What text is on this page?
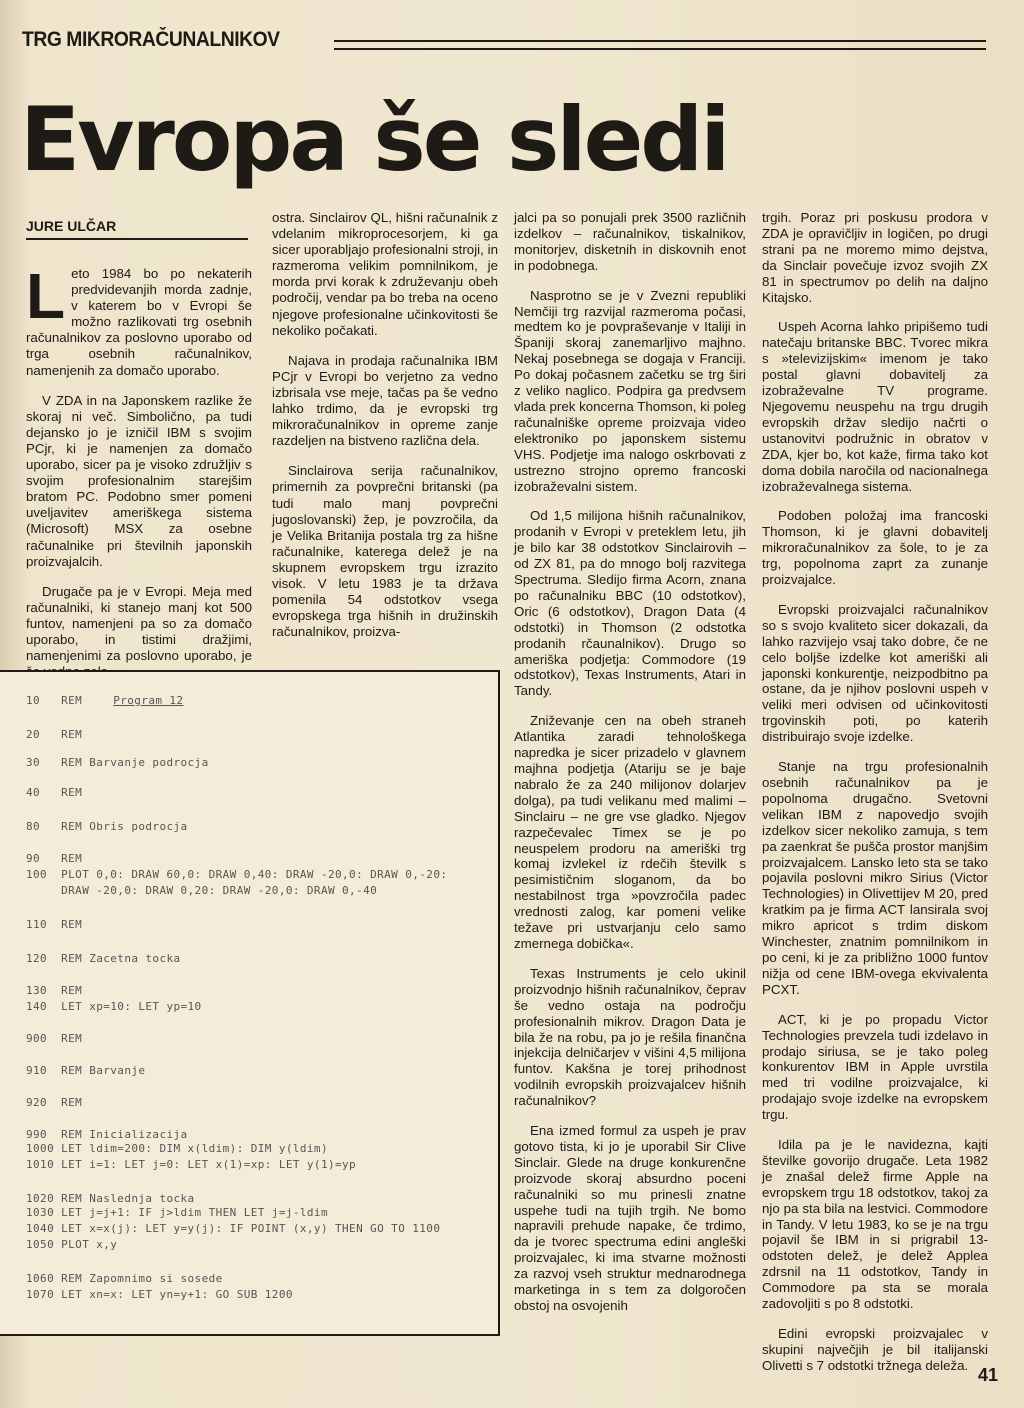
TRG MIKRORAČUNALNIKOV
Evropa še sledi
JURE ULČAR

Leto 1984 bo po nekaterih predvidevanjih morda zadnje, v katerem bo v Evropi še možno razlikovati trg osebnih računalnikov za poslovno uporabo od trga osebnih računalnikov, namenjenih za domačo uporabo.

V ZDA in na Japonskem razlike že skoraj ni več. Simbolično, pa tudi dejansko jo je izničil IBM s svojim PCjr, ki je namenjen za domačo uporabo, sicer pa je visoko združljiv s svojim profesionalnim starejšim bratom PC. Podobno smer pomeni uveljavitev ameriškega sistema (Microsoft) MSX za osebne računalnike pri številnih japonskih proizvajalcih.

Drugače pa je v Evropi. Meja med računalniki, ki stanejo manj kot 500 funtov, namenjeni pa so za domačo uporabo, in tistimi dražjimi, namenjenimi za poslovno uporabo, je

ostra. Sinclairov QL, hišni računalnik z vdelanim mikroprocesorjem, ki ga sicer uporabljajo profesionalni stroji, in razmeroma velikim pomnilnikom, je morda prvi korak k združevanju obeh področij, vendar pa bo treba na oceno njegove profesionalne učinkovitosti še nekoliko počakati.

Najava in prodaja računalnika IBM PCjr v Evropi bo verjetno za vedno izbrisala vse meje, tačas pa še vedno lahko trdimo, da je evropski trg mikroračunalnikov in opreme zanje razdeljen na bistveno različna dela.

Sinclairova serija računalnikov, primernih za povprečni britanski (pa tudi malo manj povprečni jugoslovanski) žep, je povzročila, da je Velika Britanija postala trg za hišne računalnike, katerega delež je na skupnem evropskem trgu izrazito visok. V letu 1983 je ta država pomenila 54 odstotkov vsega evropskega trga hišnih in družinskih računalnikov, proizva-

jalci pa so ponujali prek 3500 različnih izdelkov – računalnikov, tiskalnikov, monitorjev, disketnih in diskovnih enot in podobnega.

Nasprotno se je v Zvezni republiki Nemčiji trg razvijal razmeroma počasi, medtem ko je povpraševanje v Italiji in Španiji skoraj zanemarljivo majhno. Nekaj posebnega se dogaja v Franciji. Po dokaj počasnem začetku se trg širi z veliko naglico. Podpira ga predvsem vlada prek koncerna Thomson, ki poleg računalniške opreme proizvaja video elektroniko po japonskem sistemu VHS. Podjetje ima nalogo oskrbovati z ustrezno strojno opremo francoski izobraževalni sistem.

Od 1,5 milijona hišnih računalnikov, prodanih v Evropi v preteklem letu, jih je bilo kar 38 odstotkov Sinclairovih – od ZX 81, pa do mnogo bolj razvitega Spectruma. Sledijo firma Acorn, znana po računalniku BBC (10 odstotkov), Oric (6 odstotkov), Dragon Data (4 odstotki) in Thomson (2 odstotka prodanih rčaunalnikov). Drugo so ameriška podjetja: Commodore (19 odstotkov), Texas Instruments, Atari in Tandy.

Zniževanje cen na obeh straneh Atlantika zaradi tehnološkega napredka je sicer prizadelo v glavnem majhna podjetja (Atariju se je baje nabralo že za 240 milijonov dolarjev dolga), pa tudi velikanu med malimi – Sinclairu – ne gre vse gladko. Njegov razpečevalec Timex se je po neuspelem prodoru na ameriški trg komaj izvlekel iz rdečih številk s pesimističnim sloganom, da bo nestabilnost trga »povzročila padec vrednosti zalog, kar pomeni velike težave pri ustvarjanju celo samo zmernega dobička«.

Texas Instruments je celo ukinil proizvodnjo hišnih računalnikov, čeprav še vedno ostaja na področju profesionalnih mikrov. Dragon Data je bila že na robu, pa jo je rešila finančna injekcija delničarjev v višini 4,5 milijona funtov. Kakšna je torej prihodnost vodilnih evropskih proizvajalcev hišnih računalnikov?

Ena izmed formul za uspeh je prav gotovo tista, ki jo je uporabil Sir Clive Sinclair. Glede na druge konkurenčne proizvode skoraj absurdno poceni računalniki so mu prinesli znatne uspehe tudi na tujih trgih. Ne bomo napravili prehude napake, če trdimo, da je tvorec spectruma edini angleški proizvajalec, ki ima stvarne možnosti za razvoj vseh struktur mednarodnega marketinga in s tem za dolgoročen obstoj na osvojenih

trgih. Poraz pri poskusu prodora v ZDA je opravičljiv in logičen, po drugi strani pa ne moremo mimo dejstva, da Sinclair povečuje izvoz svojih ZX 81 in spectrumov po delih na daljno Kitajsko.

Uspeh Acorna lahko pripišemo tudi natečaju britanske BBC. Tvorec mikra s »televizijskim« imenom je tako postal glavni dobavitelj za izobraževalne TV programe. Njegovemu neuspehu na trgu drugih evropskih držav sledijo načrti o ustanovitvi podružnic in obratov v ZDA, kjer bo, kot kaže, firma tako kot doma dobila naročila od nacionalnega izobraževalnega sistema.

Podoben položaj ima francoski Thomson, ki je glavni dobavitelj mikroračunalnikov za šole, to je za trg, popolnoma zaprt za zunanje proizvajalce.

Evropski proizvajalci računalnikov so s svojo kvaliteto sicer dokazali, da lahko razvijejo vsaj tako dobre, če ne celo boljše izdelke kot ameriški ali japonski konkurentje, neizpodbitno pa ostane, da je njihov poslovni uspeh v veliki meri odvisen od učinkovitosti trgovinskih poti, po katerih distribuirajo svoje izdelke.

Stanje na trgu profesionalnih osebnih računalnikov pa je popolnoma drugačno. Svetovni velikan IBM z napovedjo svojih izdelkov sicer nekoliko zamuja, s tem pa zaenkrat še pušča prostor manjšim proizvajalcem. Lansko leto sta se tako pojavila poslovni mikro Sirius (Victor Technologies) in Olivettijev M 20, pred kratkim pa je firma ACT lansirala svoj mikro apricot s trdim diskom Winchester, znatnim pomnilnikom in po ceni, ki je za približno 1000 funtov nižja od cene IBM-ovega ekvivalenta PCXT.

ACT, ki je po propadu Victor Technologies prevzela tudi izdelavo in prodajo siriusa, se je tako poleg konkurentov IBM in Apple uvrstila med tri vodilne proizvajalce, ki prodajajo svoje izdelke na evropskem trgu.

Idila pa je le navidezna, kajti številke govorijo drugače. Leta 1982 je znašal delež firme Apple na evropskem trgu 18 odstotkov, takoj za njo pa sta bila na lestvici. Commodore in Tandy. V letu 1983, ko se je na trgu pojavil še IBM in si prigrabil 13-odstoten delež, je delež Applea zdrsnil na 11 odstotkov, Tandy in Commodore pa sta se morala zadovoljiti s po 8 odstotki.

Edini evropski proizvajalec v skupini največjih je bil italijanski Olivetti s 7 odstotki tržnega deleža.

10   REM Program 12
20   REM
30   REM Barvanje podrocja
40   REM
80   REM Obris podrocja
90   REM
100  PLOT 0,0: DRAW 60,0: DRAW 0,40: DRAW -20,0: DRAW 0,-20:
DRAW -20,0: DRAW 0,20: DRAW -20,0: DRAW 0,-40
110  REM
120  REM Zacetna tocka
130  REM
140  LET xp=10: LET yp=10
900  REM
910  REM Barvanje
920  REM
990  REM Inicializacija
1000 LET ldim=200: DIM x(ldim): DIM y(ldim)
1010 LET i=1: LET j=0: LET x(1)=xp: LET y(1)=yp
1020 REM Naslednja tocka
1030 LET j=j+1: IF j>ldim THEN LET j=j-ldim
1040 LET x=x(j): LET y=y(j): IF POINT (x,y) THEN GO TO 1100
1050 PLOT x,y
1060 REM Zapomnimo si sosede
1070 LET xn=x: LET yn=y+1: GO SUB 1200
41
